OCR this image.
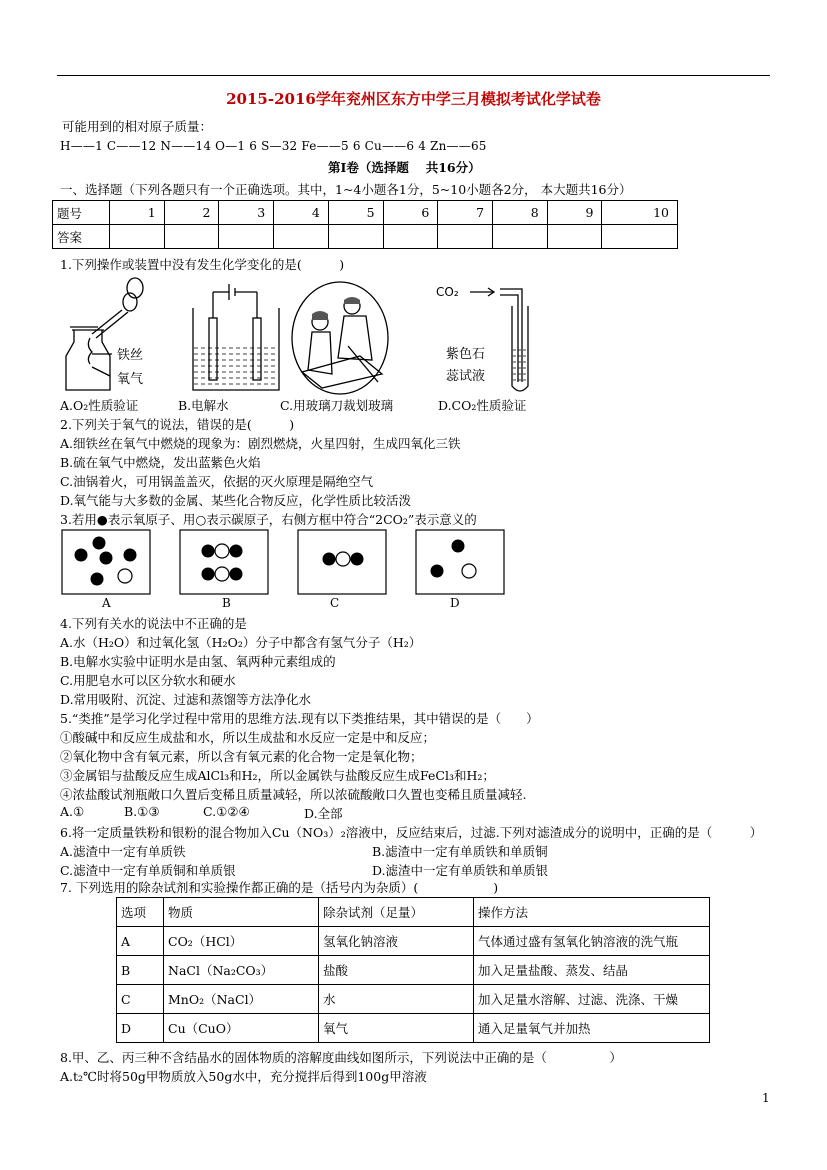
2015-2016学年兖州区东方中学三月模拟考试化学试卷
可能用到的相对原子质量：
H——1 C——12 N——14 O—1 6 S—32 Fe——5 6 Cu——6 4 Zn——65
第Ⅰ卷（选择题　 共16分）
一、选择题（下列各题只有一个正确选项。其中，1~4小题各1分，5~10小题各2分， 本大题共16分）
题号	1	2	3	4	5	6	7	8	9	10
答案										
1.下列操作或装置中没有发生化学变化的是(　　　)
铁丝
氧气
CO₂
紫色石
蕊试液
A.O₂性质验证	B.电解水	C.用玻璃刀裁划玻璃	D.CO₂性质验证
2.下列关于氧气的说法，错误的是(　　　)
A.细铁丝在氧气中燃烧的现象为：剧烈燃烧，火星四射，生成四氧化三铁
B.硫在氧气中燃烧，发出蓝紫色火焰
C.油锅着火，可用锅盖盖灭，依据的灭火原理是隔绝空气
D.氧气能与大多数的金属、某些化合物反应，化学性质比较活泼
3.若用●表示氧原子、用○表示碳原子，右侧方框中符合“2CO₂”表示意义的
A	B	C	D
4.下列有关水的说法中不正确的是
A.水（H₂O）和过氧化氢（H₂O₂）分子中都含有氢气分子（H₂）
B.电解水实验中证明水是由氢、氧两种元素组成的
C.用肥皂水可以区分软水和硬水
D.常用吸附、沉淀、过滤和蒸馏等方法净化水
5.“类推”是学习化学过程中常用的思维方法.现有以下类推结果，其中错误的是（　　）
①酸碱中和反应生成盐和水，所以生成盐和水反应一定是中和反应；
②氧化物中含有氧元素，所以含有氧元素的化合物一定是氧化物；
③金属铝与盐酸反应生成AlCl₃和H₂，所以金属铁与盐酸反应生成FeCl₃和H₂；
④浓盐酸试剂瓶敞口久置后变稀且质量减轻，所以浓硫酸敞口久置也变稀且质量减轻.
A.①	B.①③	C.①②④	D.全部
6.将一定质量铁粉和银粉的混合物加入Cu（NO₃）₂溶液中，反应结束后，过滤.下列对滤渣成分的说明中，正确的是（　　　）
A.滤渣中一定有单质铁	B.滤渣中一定有单质铁和单质铜
C.滤渣中一定有单质铜和单质银	D.滤渣中一定有单质铁和单质银
7. 下列选用的除杂试剂和实验操作都正确的是（括号内为杂质）(　　　　　　)
选项	物质	除杂试剂（足量）	操作方法
A	CO₂（HCl）	氢氧化钠溶液	气体通过盛有氢氧化钠溶液的洗气瓶
B	NaCl（Na₂CO₃）	盐酸	加入足量盐酸、蒸发、结晶
C	MnO₂（NaCl）	水	加入足量水溶解、过滤、洗涤、干燥
D	Cu（CuO）	氧气	通入足量氧气并加热
8.甲、乙、丙三种不含结晶水的固体物质的溶解度曲线如图所示，下列说法中正确的是（　　　　　）
A.t₂℃时将50g甲物质放入50g水中，充分搅拌后得到100g甲溶液
1
